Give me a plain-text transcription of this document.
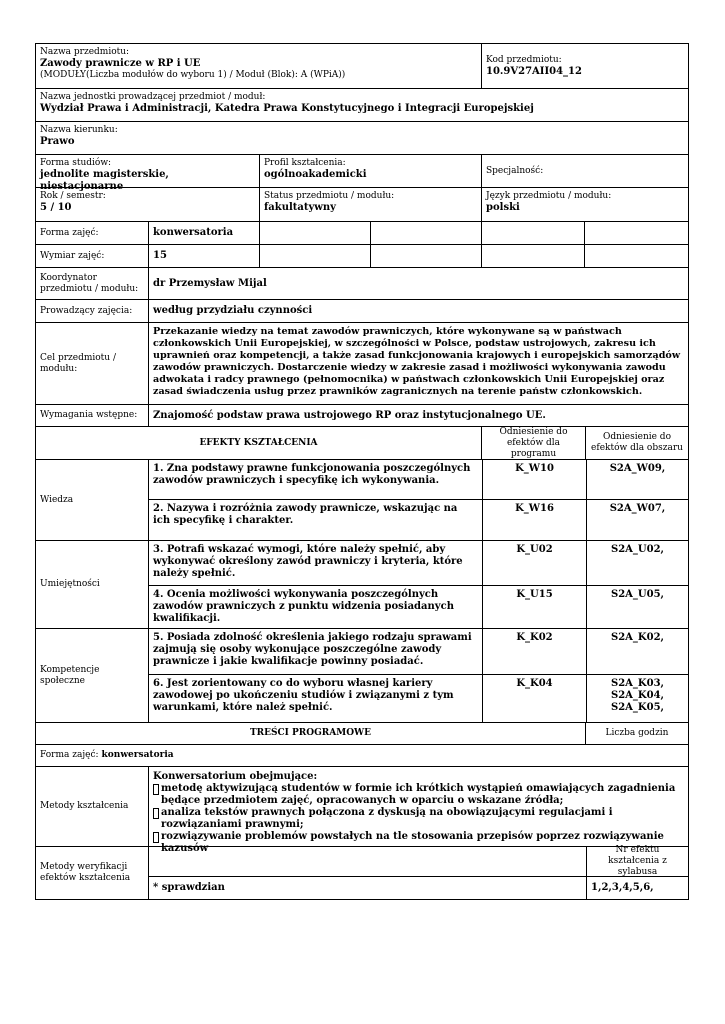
Nazwa przedmiotu:
Zawody prawnicze w RP i UE
(MODUŁY(Liczba modułów do wyboru 1) / Moduł (Blok): A (WPiA))
Kod przedmiotu:
10.9V27AII04_12
Nazwa jednostki prowadzącej przedmiot / moduł:
Wydział Prawa i Administracji, Katedra Prawa Konstytucyjnego i Integracji Europejskiej
Nazwa kierunku:
Prawo
Forma studiów:
jednolite magisterskie, niestacjonarne
Profil kształcenia:
ogólnoakademicki	Specjalność:
Rok / semestr:
5 / 10
Status przedmiotu / modułu:
fakultatywny
Język przedmiotu / modułu:
polski
Forma zajęć:	konwersatoria
Wymiar zajęć:	15
Koordynator przedmiotu / modułu:	dr Przemysław Mijal
Prowadzący zajęcia:	według przydziału czynności
Cel przedmiotu / modułu:
Przekazanie wiedzy na temat zawodów prawniczych, które wykonywane są w państwach członkowskich Unii Europejskiej, w szczególności w Polsce, podstaw ustrojowych, zakresu ich uprawnień oraz kompetencji, a także zasad funkcjonowania krajowych i europejskich samorządów zawodów prawniczych. Dostarczenie wiedzy w zakresie zasad i możliwości wykonywania zawodu adwokata i radcy prawnego (pełnomocnika) w państwach członkowskich Unii Europejskiej oraz zasad świadczenia usług przez prawników zagranicznych na terenie państw członkowskich.
Wymagania wstępne:	Znajomość podstaw prawa ustrojowego RP oraz instytucjonalnego UE.
EFEKTY KSZTAŁCENIA
Odniesienie do efektów dla programu
Odniesienie do efektów dla obszaru
Wiedza
1. Zna podstawy prawne funkcjonowania poszczególnych zawodów prawniczych i specyfikę ich wykonywania.
K_W10	S2A_W09,
2. Nazywa i rozróżnia zawody prawnicze, wskazując na ich specyfikę i charakter.
K_W16	S2A_W07,
Umiejętności
3. Potrafi wskazać wymogi, które należy spełnić, aby wykonywać określony zawód prawniczy i kryteria, które należy spełnić.
K_U02	S2A_U02,
4. Ocenia możliwości wykonywania poszczególnych zawodów prawniczych z punktu widzenia posiadanych kwalifikacji.
K_U15	S2A_U05,
Kompetencje społeczne
5. Posiada zdolność określenia jakiego rodzaju sprawami zajmują się osoby wykonujące poszczególne zawody prawnicze i jakie kwalifikacje powinny posiadać.
K_K02	S2A_K02,
6. Jest zorientowany co do wyboru własnej kariery zawodowej po ukończeniu studiów i związanymi z tym warunkami, które należ spełnić.
K_K04	S2A_K03,
S2A_K04,
S2A_K05,
TREŚCI PROGRAMOWE	Liczba godzin
Forma zajęć: konwersatoria
Metody kształcenia
Konwersatorium obejmujące:
metodę aktywizującą studentów w formie ich krótkich wystąpień omawiających zagadnienia będące przedmiotem zajęć, opracowanych w oparciu o wskazane źródła;
analiza tekstów prawnych połączona z dyskusją na obowiązującymi regulacjami i rozwiązaniami prawnymi;
rozwiązywanie problemów powstałych na tle stosowania przepisów poprzez rozwiązywanie kazusów
Metody weryfikacji efektów kształcenia
Nr efektu kształcenia z sylabusa
* sprawdzian	1,2,3,4,5,6,
